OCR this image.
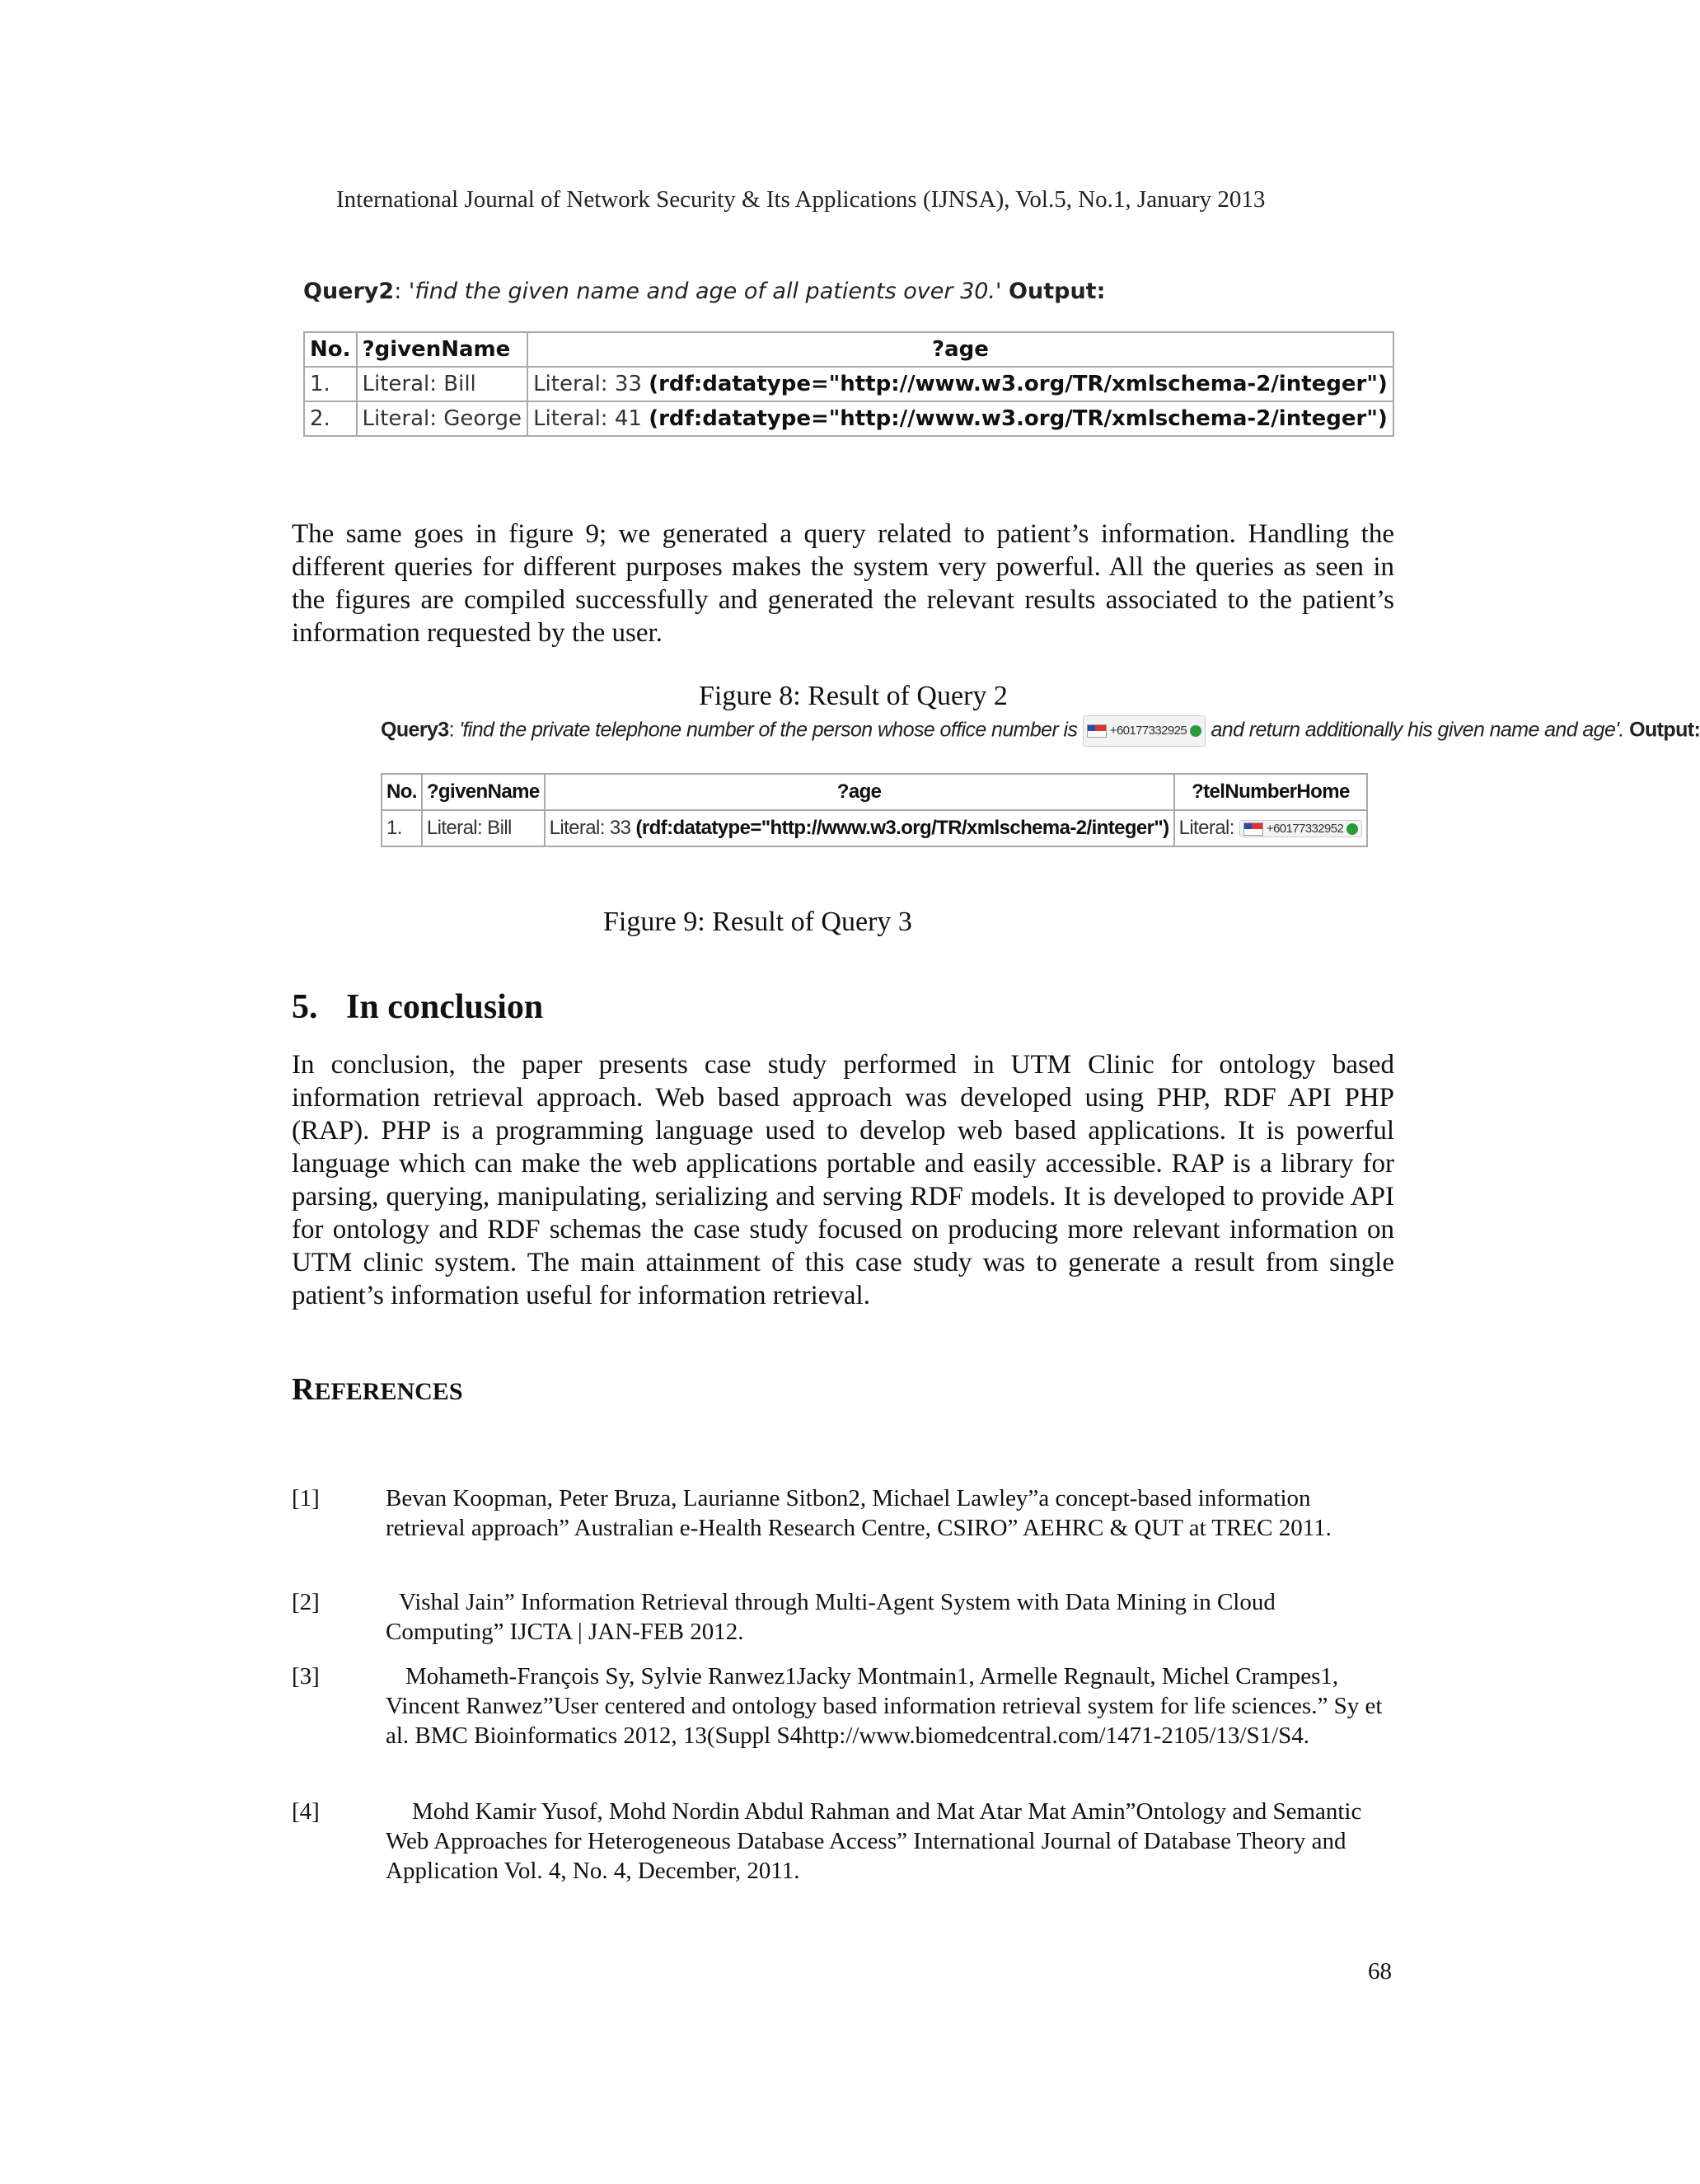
International Journal of Network Security & Its Applications (IJNSA), Vol.5, No.1, January 2013
Query2: 'find the given name and age of all patients over 30.' Output:
No.	?givenName	?age
1.	Literal: Bill	Literal: 33 (rdf:datatype="http://www.w3.org/TR/xmlschema-2/integer")
2.	Literal: George	Literal: 41 (rdf:datatype="http://www.w3.org/TR/xmlschema-2/integer")

The same goes in figure 9; we generated a query related to patient’s information. Handling the different queries for different purposes makes the system very powerful. All the queries as seen in the figures are compiled successfully and generated the relevant results associated to the patient’s information requested by the user.

Figure 8: Result of Query 2
Query3: 'find the private telephone number of the person whose office number is	+60177332925 and return additionally his given name and age'. Output:
No.	?givenName	?age	?telNumberHome
1.	Literal: Bill	Literal: 33 (rdf:datatype="http://www.w3.org/TR/xmlschema-2/integer")	Literal: +60177332952
Figure 9: Result of Query 3
5. In conclusion

In conclusion, the paper presents case study performed in UTM Clinic for ontology based information retrieval approach. Web based approach was developed using PHP, RDF API PHP (RAP). PHP is a programming language used to develop web based applications. It is powerful language which can make the web applications portable and easily accessible. RAP is a library for parsing, querying, manipulating, serializing and serving RDF models. It is developed to provide API for ontology and RDF schemas the case study focused on producing more relevant information on UTM clinic system. The main attainment of this case study was to generate a result from single patient’s information useful for information retrieval.

REFERENCES
[1]	Bevan Koopman, Peter Bruza, Laurianne Sitbon2, Michael Lawley”a concept-based information retrieval approach” Australian e-Health Research Centre, CSIRO” AEHRC & QUT at TREC 2011.
[2]	Vishal Jain” Information Retrieval through Multi-Agent System with Data Mining in Cloud Computing” IJCTA | JAN-FEB 2012.
[3]	Mohameth-François Sy, Sylvie Ranwez1Jacky Montmain1, Armelle Regnault, Michel Crampes1, Vincent Ranwez”User centered and ontology based information retrieval system for life sciences.” Sy et al. BMC Bioinformatics 2012, 13(Suppl S4http://www.biomedcentral.com/1471-2105/13/S1/S4.
[4]	Mohd Kamir Yusof, Mohd Nordin Abdul Rahman and Mat Atar Mat Amin”Ontology and Semantic Web Approaches for Heterogeneous Database Access” International Journal of Database Theory and Application Vol. 4, No. 4, December, 2011.
68
